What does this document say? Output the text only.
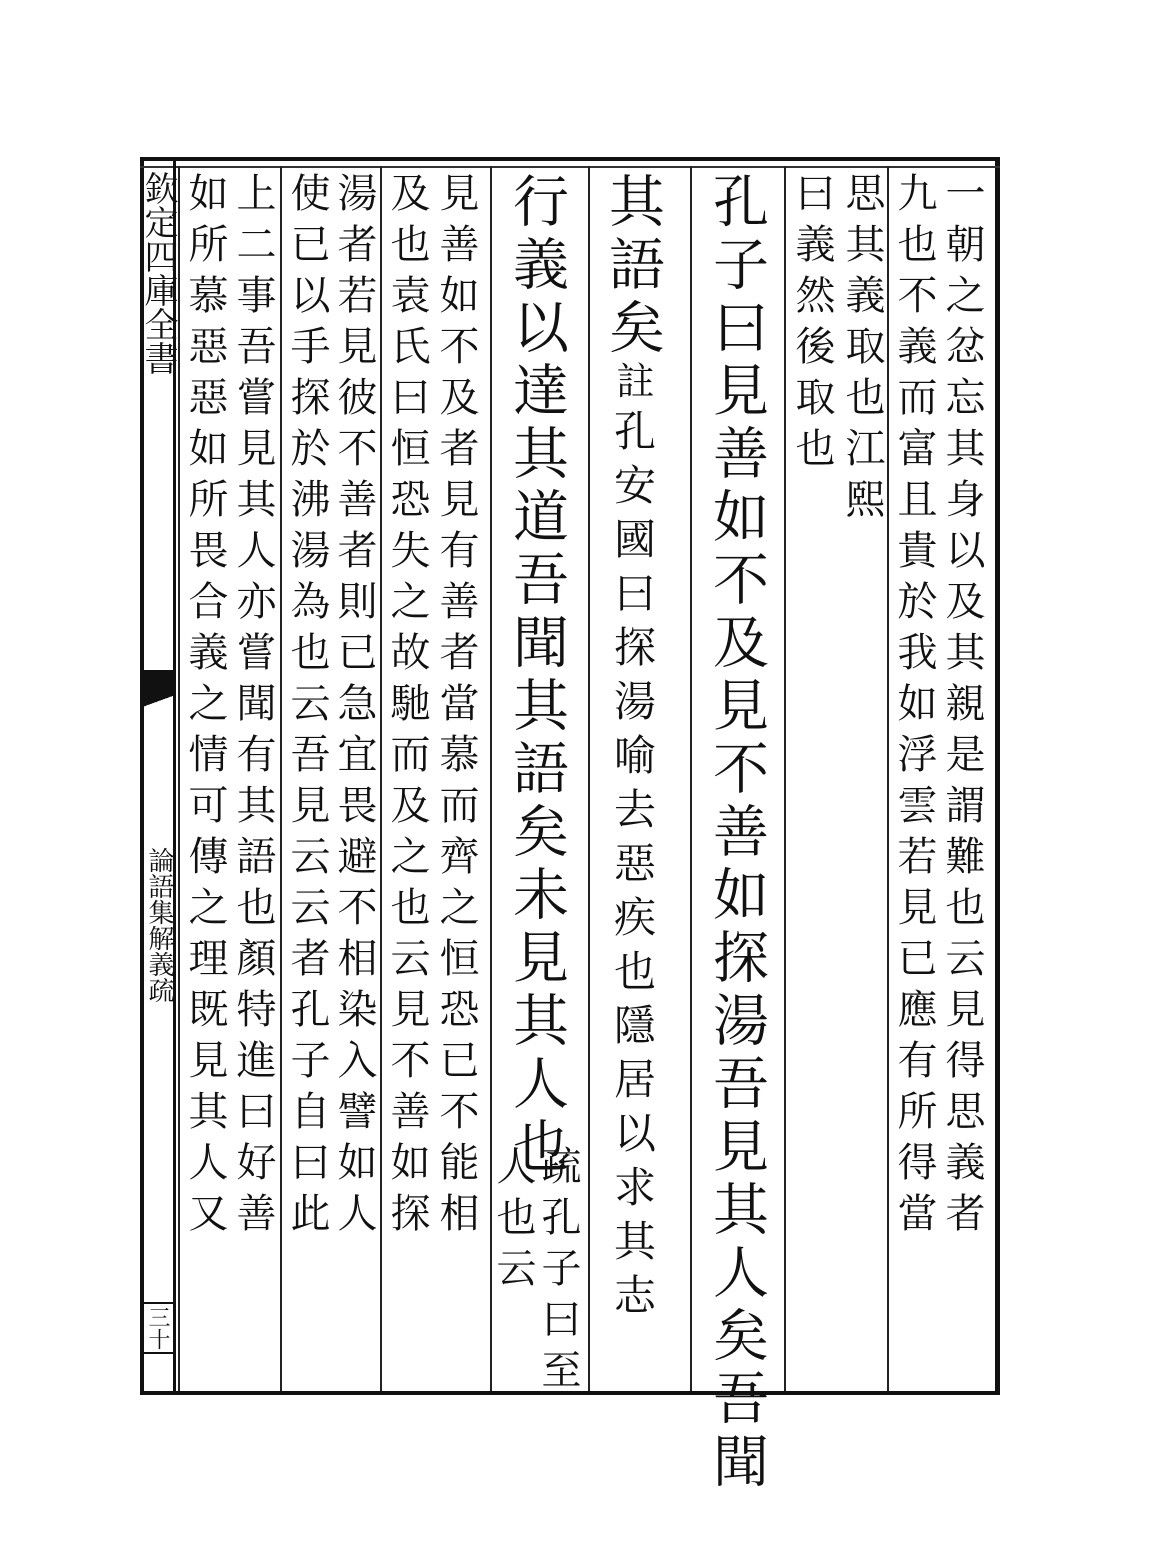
欽定四庫全書
論語集解義疏
三十
一朝之忿忘其身以及其親是謂難也云見得思義者
九也不義而富且貴於我如浮雲若見已應有所得當
思其義取也江熙
曰義然後取也
孔子曰見善如不及見不善如探湯吾見其人矣吾聞
其語矣註孔安國曰探湯喻去惡疾也隱居以求其志
行義以達其道吾聞其語矣未見其人也
疏孔子曰至
人也云
見善如不及者見有善者當慕而齊之恒恐已不能相
及也袁氏曰恒恐失之故馳而及之也云見不善如探
湯者若見彼不善者則已急宜畏避不相染入譬如人
使已以手探於沸湯為也云吾見云云者孔子自曰此
上二事吾嘗見其人亦嘗聞有其語也顏特進曰好善
如所慕惡惡如所畏合義之情可傳之理既見其人又
